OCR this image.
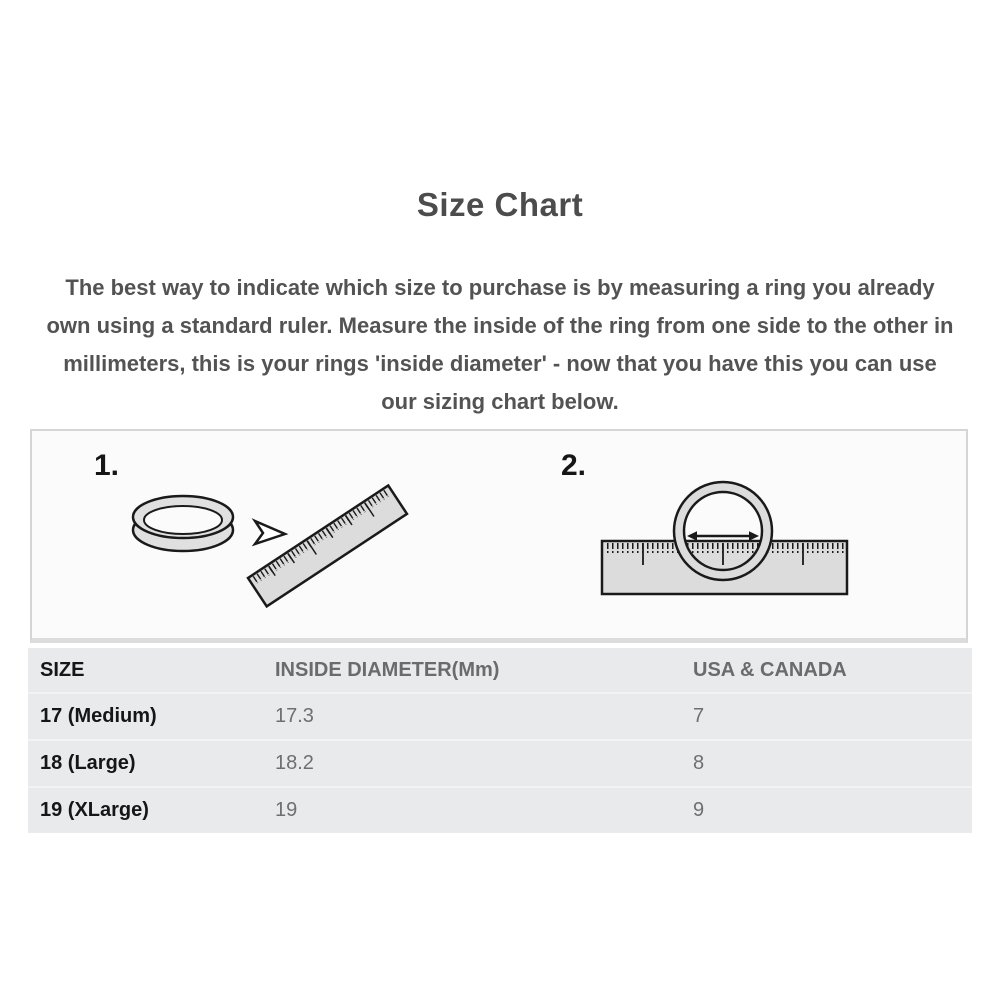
Size Chart
The best way to indicate which size to purchase is by measuring a ring you already own using a standard ruler. Measure the inside of the ring from one side to the other in millimeters, this is your rings 'inside diameter' - now that you have this you can use our sizing chart below.
1.	2.
SIZE	INSIDE DIAMETER(Mm)	USA & CANADA
17 (Medium)	17.3	7
18 (Large)	18.2	8
19 (XLarge)	19	9
